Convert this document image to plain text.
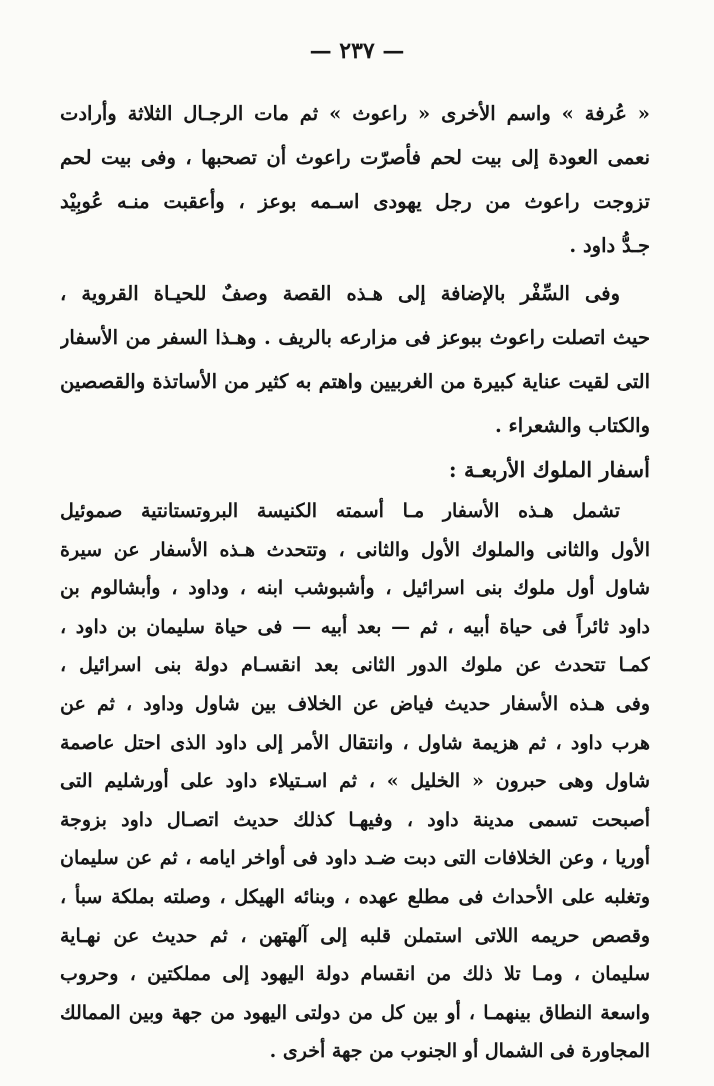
— ٢٣٧ —
« عُرفة » واسم الأخرى « راعوث » ثم مات الرجـال الثلاثة وأرادت
نعمى العودة إلى بيت لحم فأصرّت راعوث أن تصحبها ، وفى بيت لحم
تزوجت راعوث من رجل يهودى اسـمه بوعز ، وأعقبت منـه عُوبِيْد
جـدُّ داود .
وفى السِّفْر بالإضافة إلى هـذه القصة وصفٌ للحيـاة القروية ،
حيث اتصلت راعوث ببوعز فى مزارعه بالريف . وهـذا السفر من الأسفار
التى لقيت عناية كبيرة من الغربيين واهتم به كثير من الأساتذة والقصصين
والكتاب والشعراء .
أسفار الملوك الأربعـة :
تشمل هـذه الأسفار مـا أسمته الكنيسة البروتستانتية صموئيل
الأول والثانى والملوك الأول والثانى ، وتتحدث هـذه الأسفار عن سيرة
شاول أول ملوك بنى اسرائيل ، وأشبوشب ابنه ، وداود ، وأبشالوم بن
داود ثائراً فى حياة أبيه ، ثم — بعد أبيه — فى حياة سليمان بن داود ،
كمـا تتحدث عن ملوك الدور الثانى بعد انقسـام دولة بنى اسرائيل ،
وفى هـذه الأسفار حديث فياض عن الخلاف بين شاول وداود ، ثم عن
هرب داود ، ثم هزيمة شاول ، وانتقال الأمر إلى داود الذى احتل عاصمة
شاول وهى حبرون « الخليل » ، ثم اسـتيلاء داود على أورشليم التى
أصبحت تسمى مدينة داود ، وفيهـا كذلك حديث اتصـال داود بزوجة
أوريا ، وعن الخلافات التى دبت ضـد داود فى أواخر ايامه ، ثم عن سليمان
وتغلبه على الأحداث فى مطلع عهده ، وبنائه الهيكل ، وصلته بملكة سبأ ،
وقصص حريمه اللاتى استملن قلبه إلى آلهتهن ، ثم حديث عن نهـاية
سليمان ، ومـا تلا ذلك من انقسام دولة اليهود إلى مملكتين ، وحروب
واسعة النطاق بينهمـا ، أو بين كل من دولتى اليهود من جهة وبين الممالك
المجاورة فى الشمال أو الجنوب من جهة أخرى .
